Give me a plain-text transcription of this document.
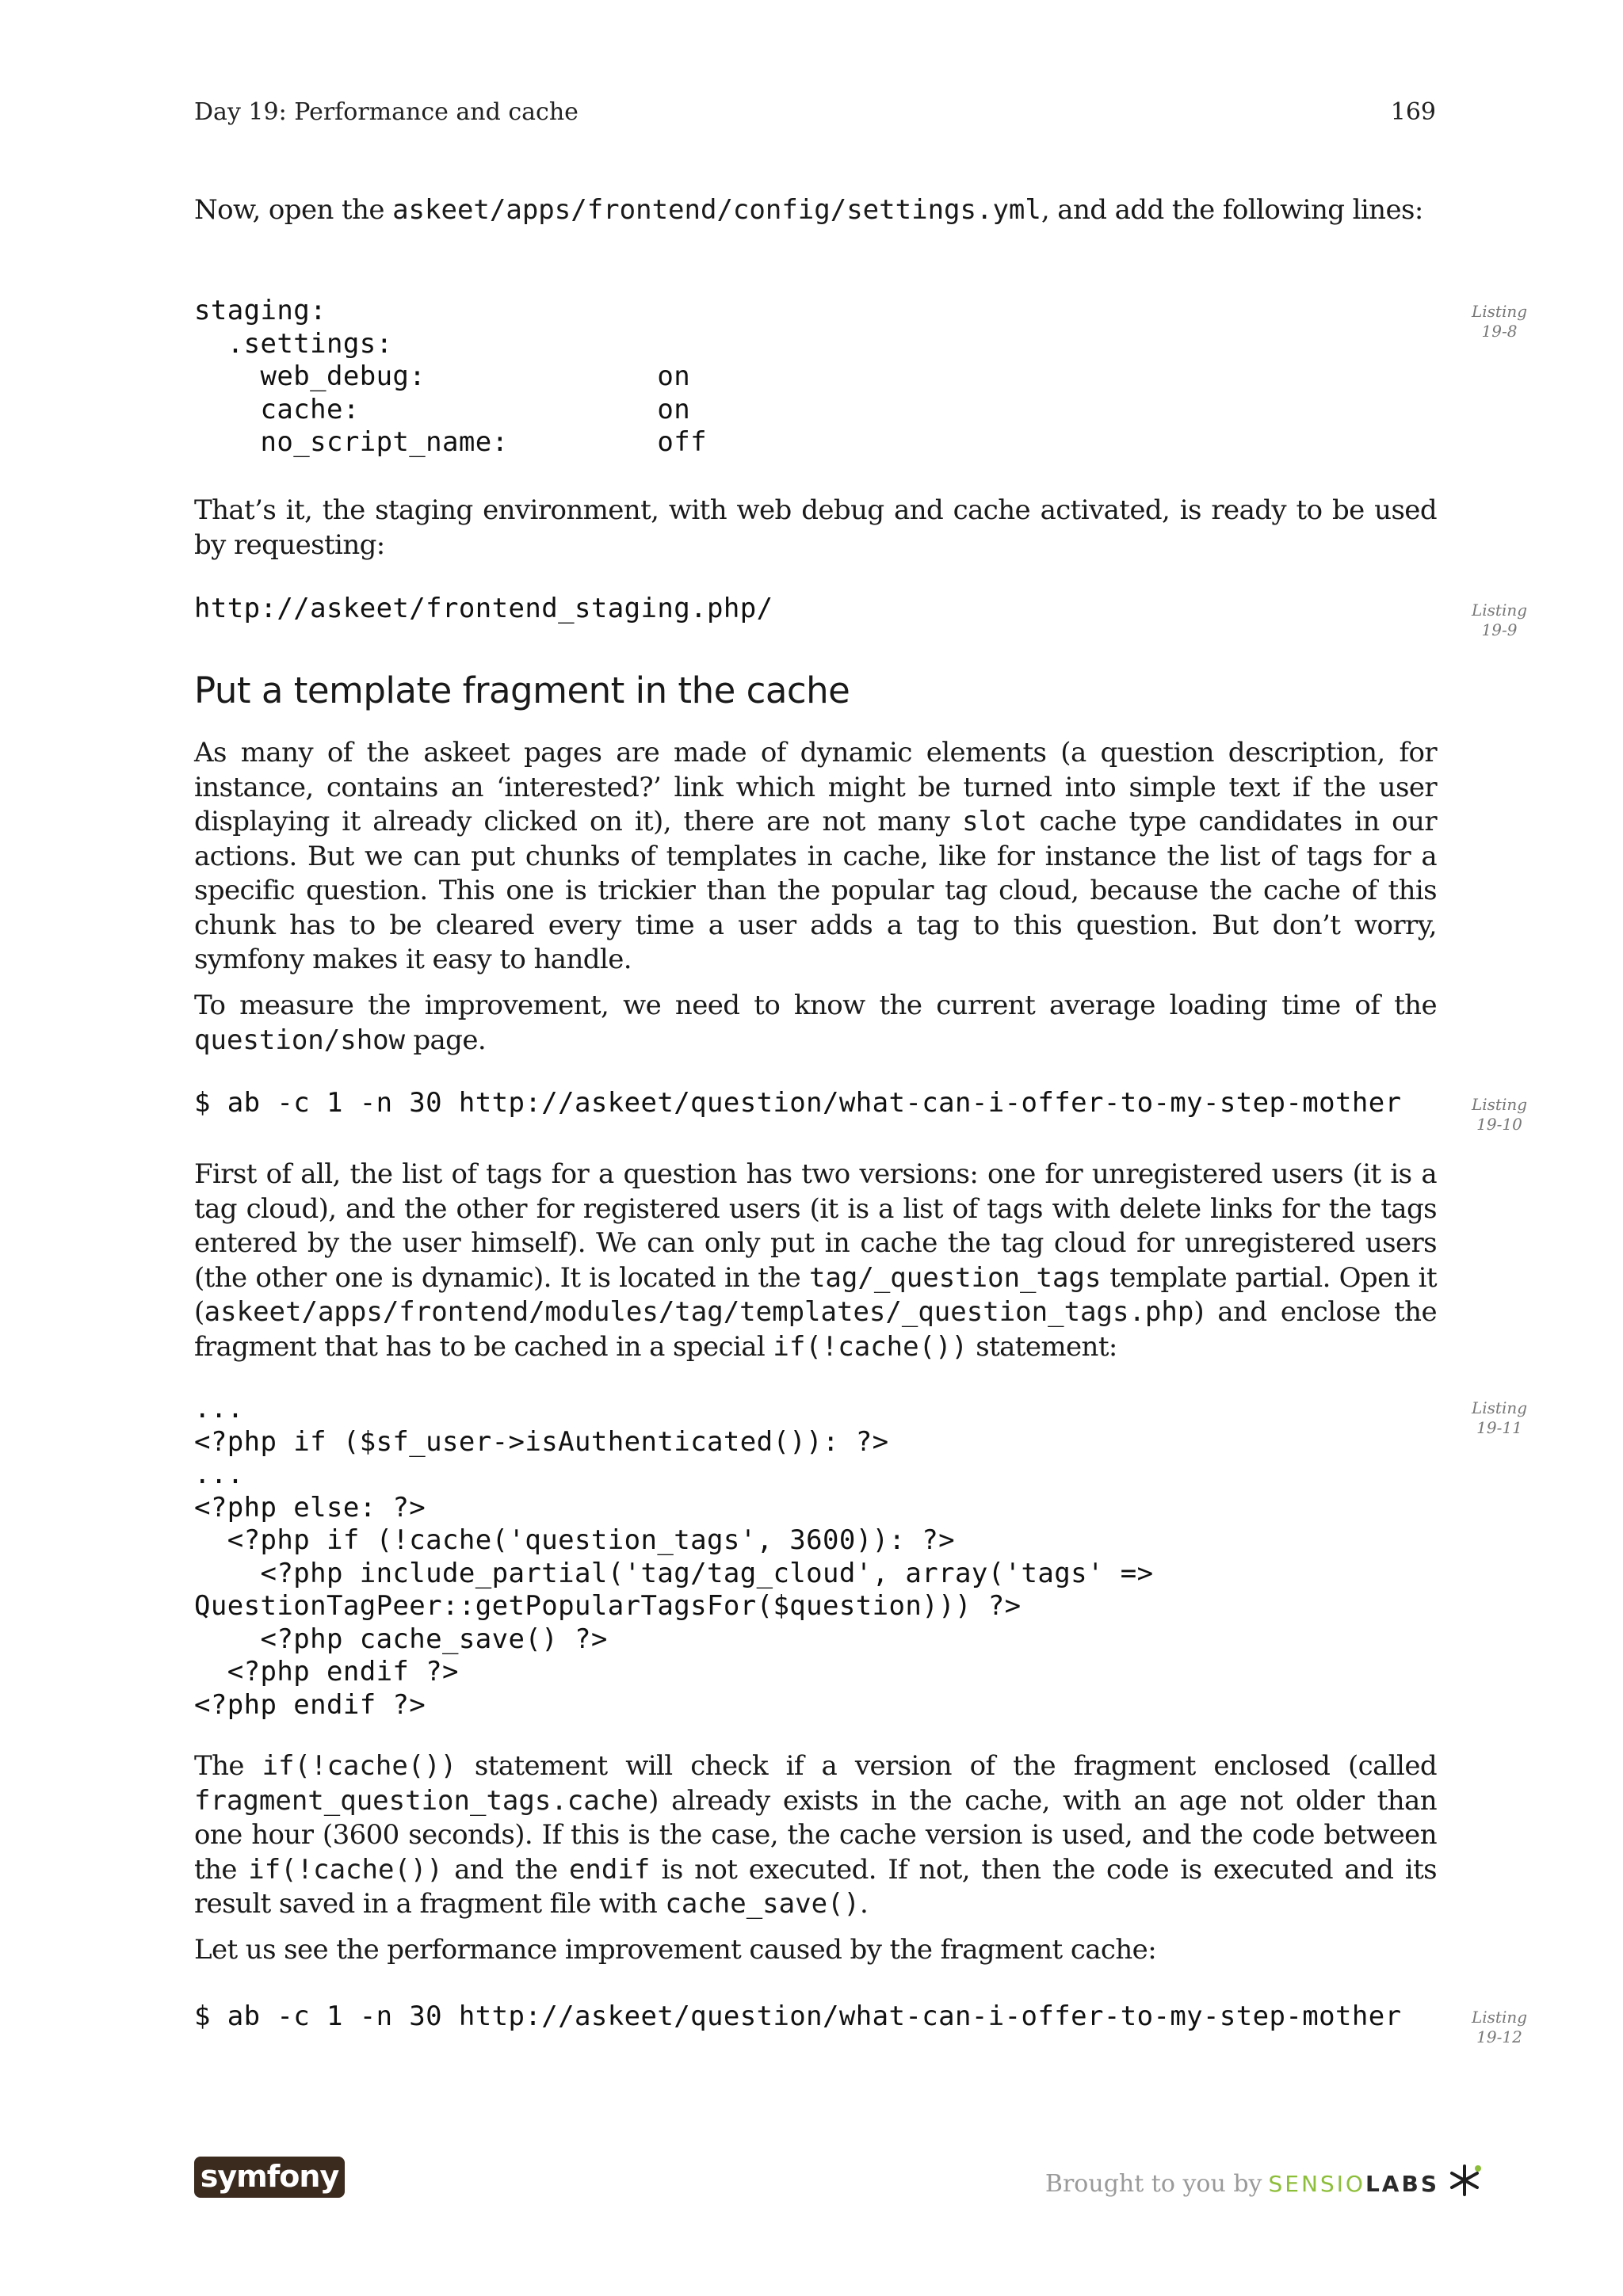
Day 19: Performance and cache	169

Now, open the askeet/apps/frontend/config/settings.yml, and add the following lines:

staging:
.settings:
web_debug:              on
cache:                  on
no_script_name:         off
Listing
19-8

That’s it, the staging environment, with web debug and cache activated, is ready to be used by requesting:

http://askeet/frontend_staging.php/	Listing
19-9
Put a template fragment in the cache

As many of the askeet pages are made of dynamic elements (a question description, for instance, contains an ‘interested?’ link which might be turned into simple text if the user displaying it already clicked on it), there are not many slot cache type candidates in our actions. But we can put chunks of templates in cache, like for instance the list of tags for a specific question. This one is trickier than the popular tag cloud, because the cache of this chunk has to be cleared every time a user adds a tag to this question. But don’t worry, symfony makes it easy to handle.

To measure the improvement, we need to know the current average loading time of the question/show page.

$ ab -c 1 -n 30 http://askeet/question/what-can-i-offer-to-my-step-mother	Listing
19-10

First of all, the list of tags for a question has two versions: one for unregistered users (it is a tag cloud), and the other for registered users (it is a list of tags with delete links for the tags entered by the user himself). We can only put in cache the tag cloud for unregistered users (the other one is dynamic). It is located in the tag/_question_tags template partial. Open it (askeet/apps/frontend/modules/tag/templates/_question_tags.php) and enclose the fragment that has to be cached in a special if(!cache()) statement:

...
<?php if ($sf_user->isAuthenticated()): ?>
...
<?php else: ?>
<?php if (!cache('question_tags', 3600)): ?>
<?php include_partial('tag/tag_cloud', array('tags' =>
QuestionTagPeer::getPopularTagsFor($question))) ?>
<?php cache_save() ?>
<?php endif ?>
<?php endif ?>
Listing
19-11

The if(!cache()) statement will check if a version of the fragment enclosed (called fragment_question_tags.cache) already exists in the cache, with an age not older than one hour (3600 seconds). If this is the case, the cache version is used, and the code between the if(!cache()) and the endif is not executed. If not, then the code is executed and its result saved in a fragment file with cache_save().

Let us see the performance improvement caused by the fragment cache:

$ ab -c 1 -n 30 http://askeet/question/what-can-i-offer-to-my-step-mother	Listing
19-12
symfony	Brought to you by SENSIOLABS
